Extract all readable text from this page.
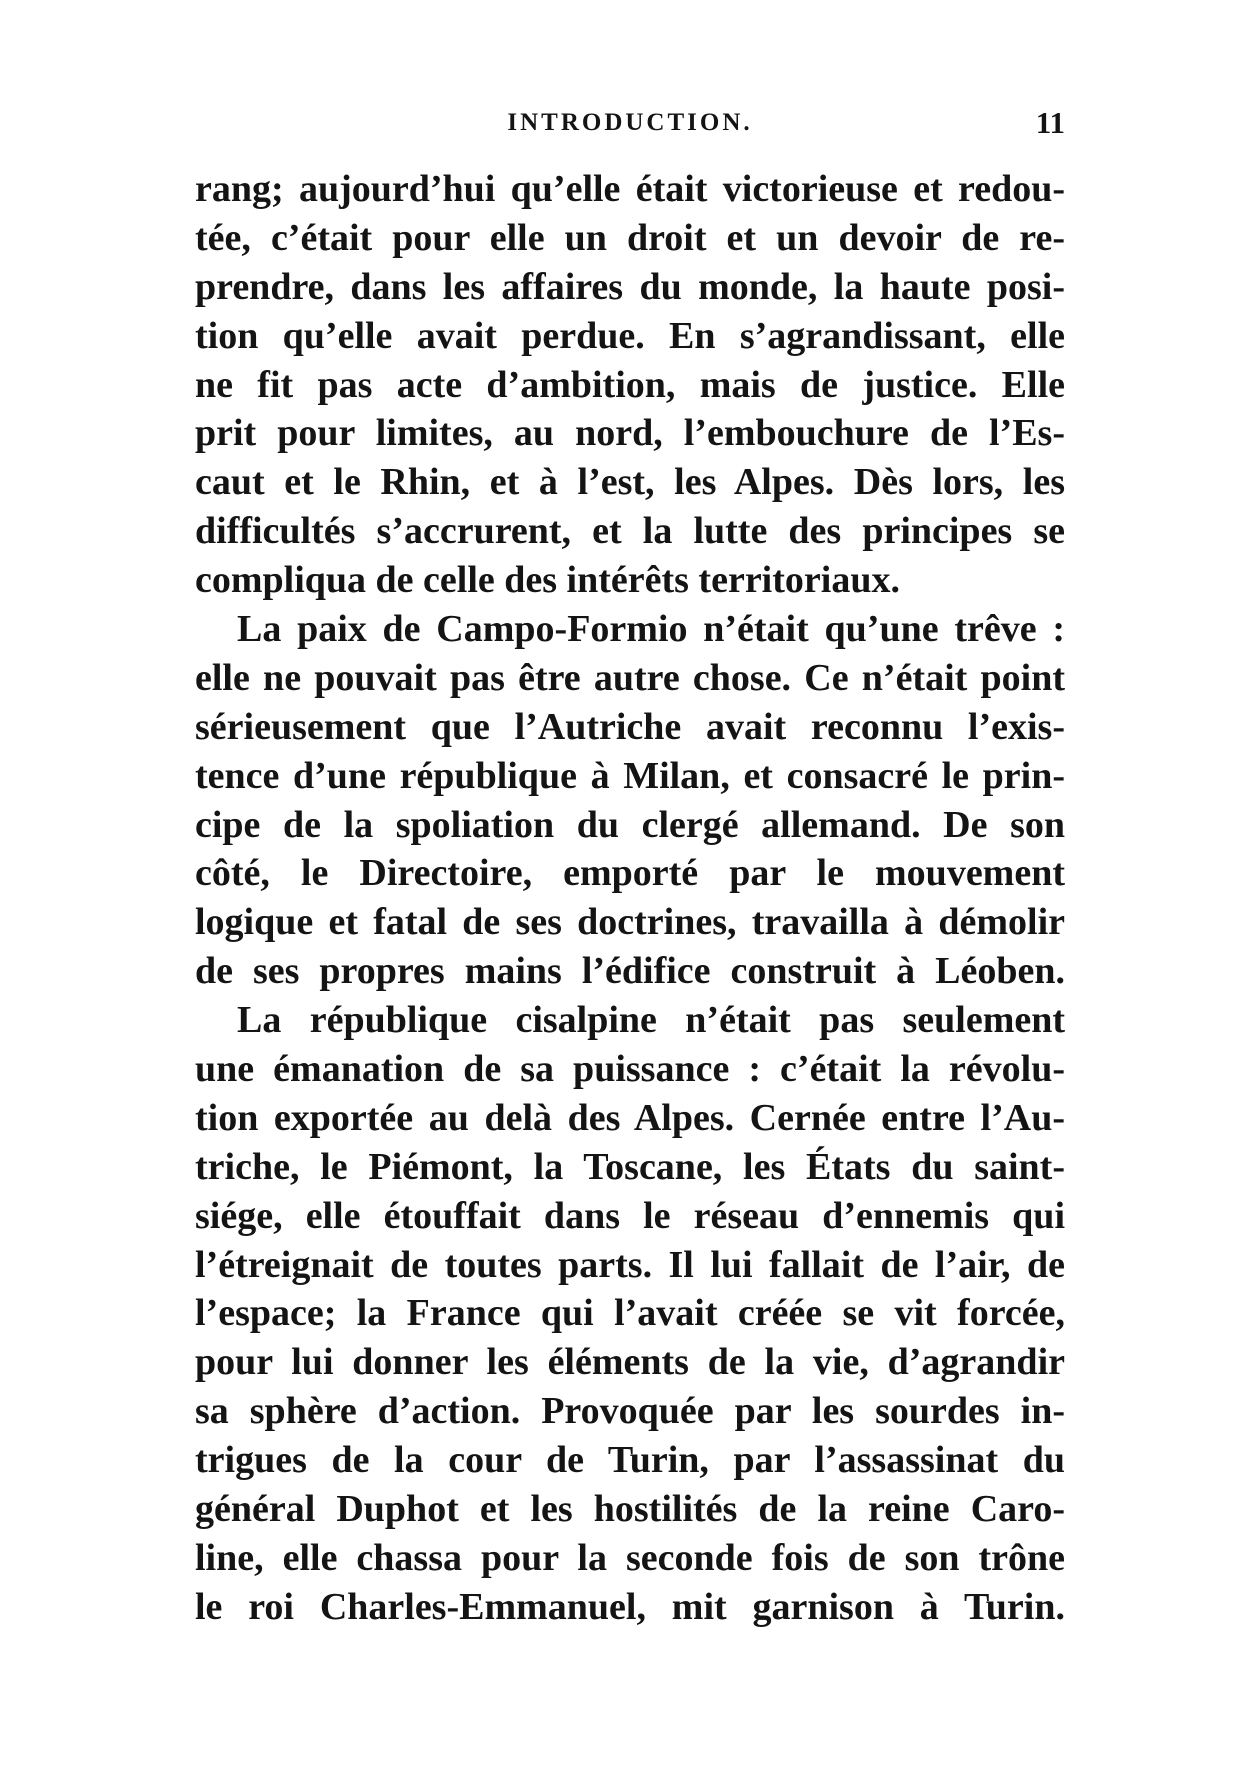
INTRODUCTION.	11
rang; aujourd’hui qu’elle était victorieuse et redou-
tée, c’était pour elle un droit et un devoir de re-
prendre, dans les affaires du monde, la haute posi-
tion qu’elle avait perdue. En s’agrandissant, elle
ne fit pas acte d’ambition, mais de justice. Elle
prit pour limites, au nord, l’embouchure de l’Es-
caut et le Rhin, et à l’est, les Alpes. Dès lors, les
difficultés s’accrurent, et la lutte des principes se
compliqua de celle des intérêts territoriaux.
La paix de Campo-Formio n’était qu’une trêve :
elle ne pouvait pas être autre chose. Ce n’était point
sérieusement que l’Autriche avait reconnu l’exis-
tence d’une république à Milan, et consacré le prin-
cipe de la spoliation du clergé allemand. De son
côté, le Directoire, emporté par le mouvement
logique et fatal de ses doctrines, travailla à démolir
de ses propres mains l’édifice construit à Léoben.
La république cisalpine n’était pas seulement
une émanation de sa puissance : c’était la révolu-
tion exportée au delà des Alpes. Cernée entre l’Au-
triche, le Piémont, la Toscane, les États du saint-
siége, elle étouffait dans le réseau d’ennemis qui
l’étreignait de toutes parts. Il lui fallait de l’air, de
l’espace; la France qui l’avait créée se vit forcée,
pour lui donner les éléments de la vie, d’agrandir
sa sphère d’action. Provoquée par les sourdes in-
trigues de la cour de Turin, par l’assassinat du
général Duphot et les hostilités de la reine Caro-
line, elle chassa pour la seconde fois de son trône
le roi Charles-Emmanuel, mit garnison à Turin.
